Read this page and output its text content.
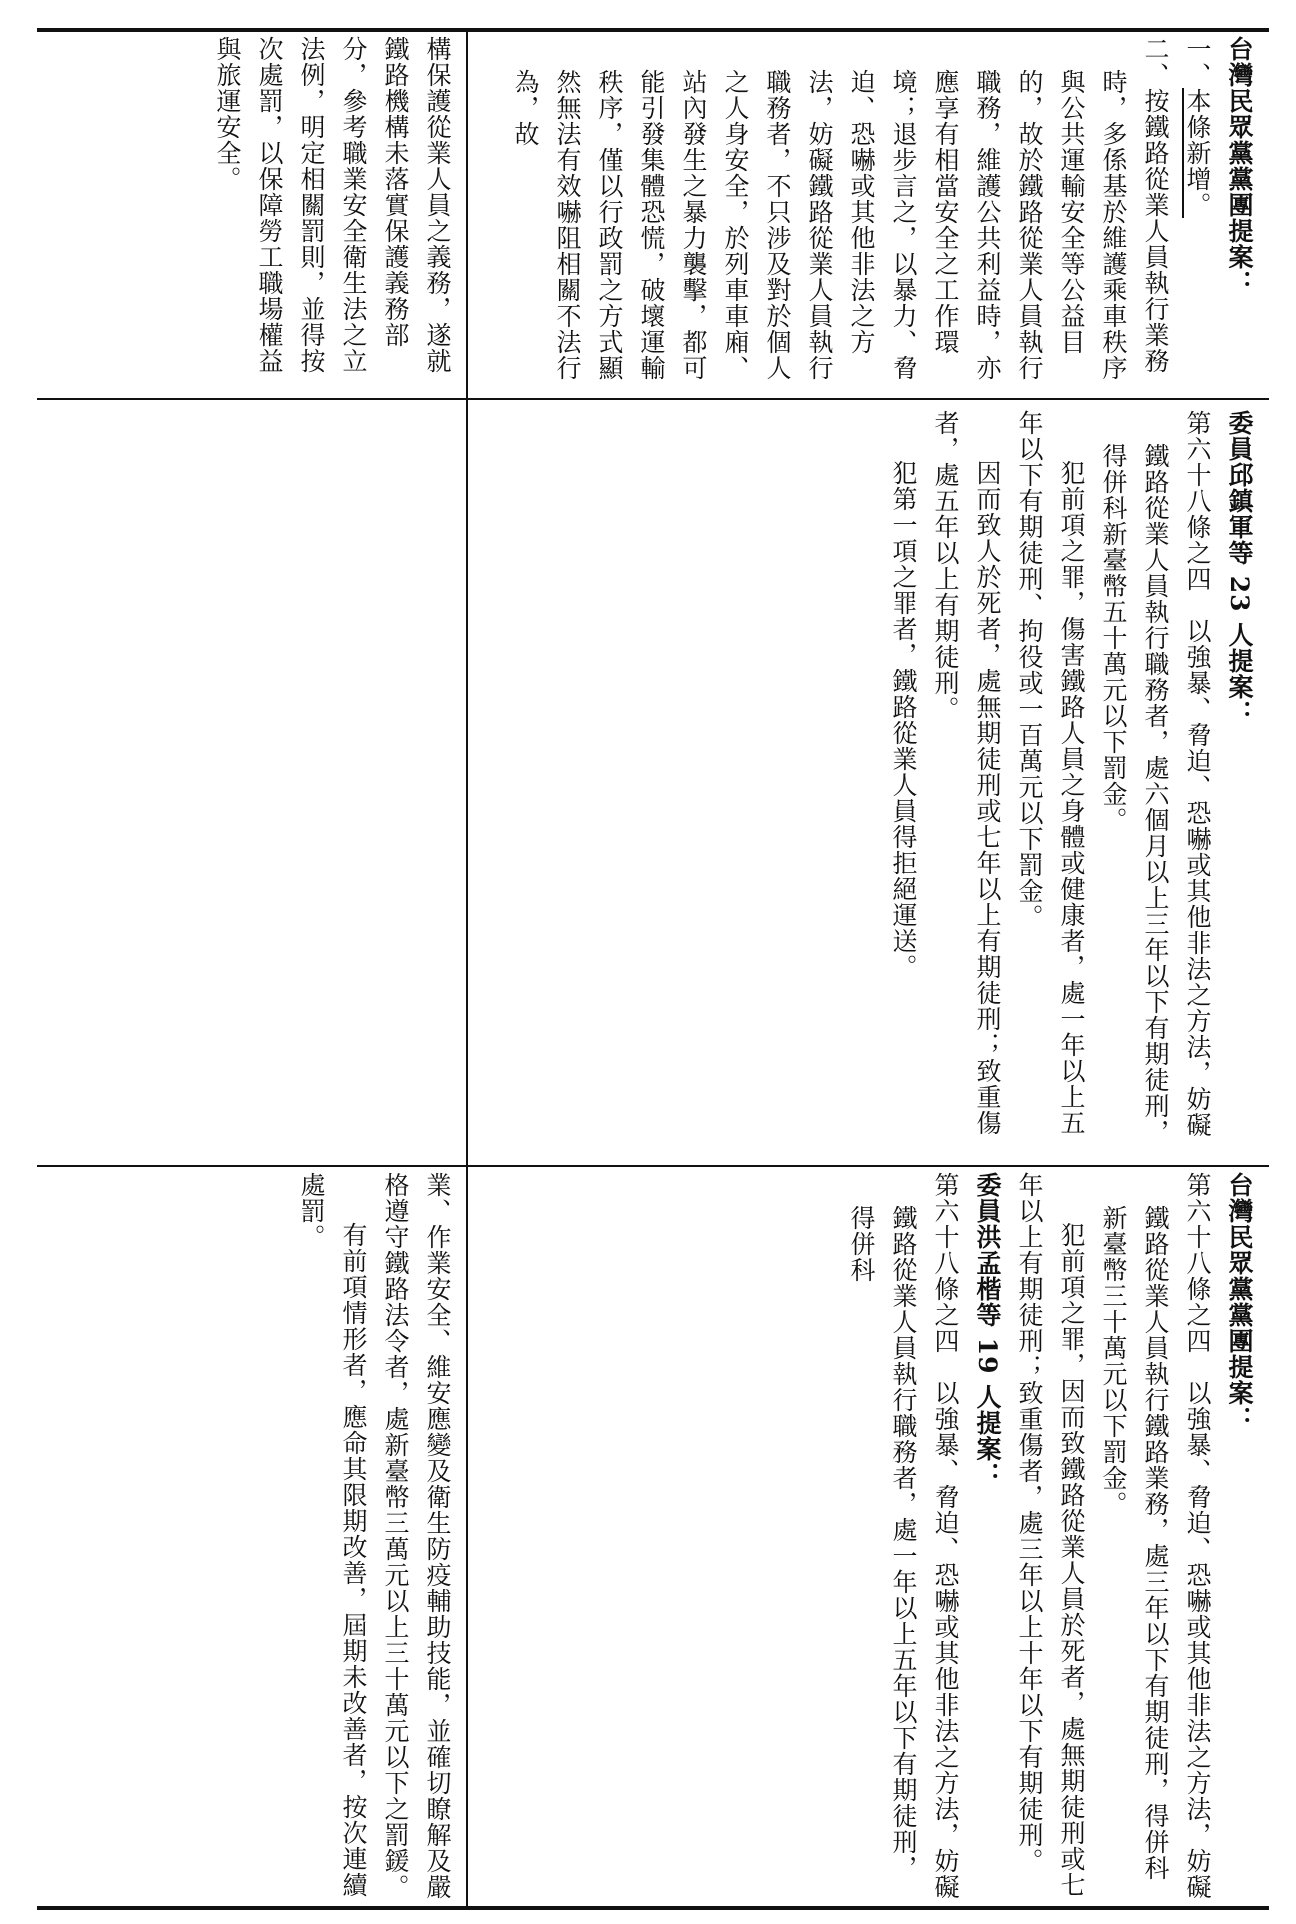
構保護從業人員之義務，遂就鐵路機構未落實保護義務部分，參考職業安全衛生法之立法例，明定相關罰則，並得按次處罰，以保障勞工職場權益與旅運安全。	台灣民眾黨黨團提案：

一、本條新增。

二、按鐵路從業人員執行業務時，多係基於維護乘車秩序與公共運輸安全等公益目的，故於鐵路從業人員執行職務，維護公共利益時，亦應享有相當安全之工作環境；退步言之，以暴力、脅迫、恐嚇或其他非法之方法，妨礙鐵路從業人員執行職務者，不只涉及對於個人之人身安全，於列車車廂、站內發生之暴力襲擊，都可能引發集體恐慌，破壞運輸秩序，僅以行政罰之方式顯然無法有效嚇阻相關不法行為，故

委員邱鎮軍等 23 人提案：

第六十八條之四　以強暴、脅迫、恐嚇或其他非法之方法，妨礙鐵路從業人員執行職務者，處六個月以上三年以下有期徒刑，得併科新臺幣五十萬元以下罰金。

犯前項之罪，傷害鐵路人員之身體或健康者，處一年以上五年以下有期徒刑、拘役或一百萬元以下罰金。

因而致人於死者，處無期徒刑或七年以上有期徒刑；致重傷者，處五年以上有期徒刑。

犯第一項之罪者，鐵路從業人員得拒絕運送。

業、作業安全、維安應變及衛生防疫輔助技能，並確切瞭解及嚴格遵守鐵路法令者，處新臺幣三萬元以上三十萬元以下之罰鍰。

有前項情形者，應命其限期改善，屆期未改善者，按次連續處罰。	台灣民眾黨黨團提案：

第六十八條之四　以強暴、脅迫、恐嚇或其他非法之方法，妨礙鐵路從業人員執行鐵路業務，處三年以下有期徒刑，得併科新臺幣三十萬元以下罰金。

犯前項之罪，因而致鐵路從業人員於死者，處無期徒刑或七年以上有期徒刑；致重傷者，處三年以上十年以下有期徒刑。

委員洪孟楷等 19 人提案：

第六十八條之四　以強暴、脅迫、恐嚇或其他非法之方法，妨礙鐵路從業人員執行職務者，處一年以上五年以下有期徒刑，得併科
